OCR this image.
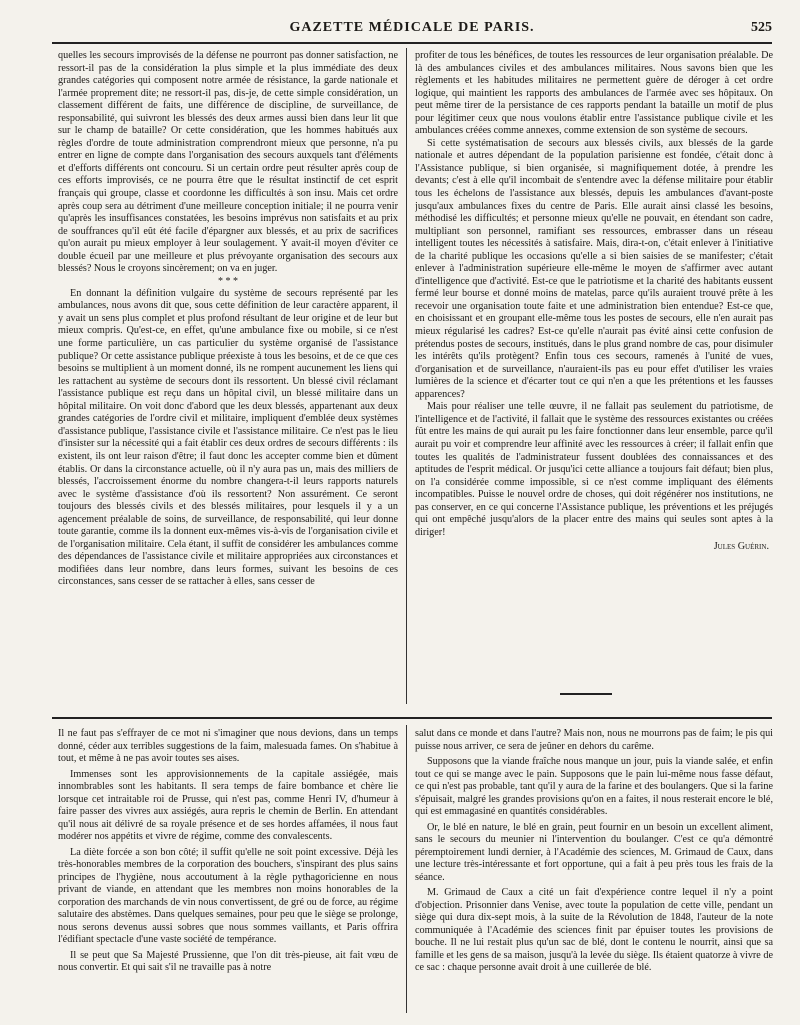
GAZETTE MÉDICALE DE PARIS.	525

quelles les secours improvisés de la défense ne pourront pas donner satisfaction, ne ressort-il pas de la considération la plus simple et la plus immédiate des deux grandes catégories qui composent notre armée de résistance, la garde nationale et l'armée proprement dite; ne ressort-il pas, dis-je, de cette simple considération, un classement différent de faits, une différence de discipline, de surveillance, de responsabilité, qui suivront les blessés des deux armes aussi bien dans leur lit que sur le champ de bataille? Or cette considération, que les hommes habitués aux règles d'ordre de toute administration comprendront mieux que personne, n'a pu entrer en ligne de compte dans l'organisation des secours auxquels tant d'éléments et d'efforts différents ont concouru. Si un certain ordre peut résulter après coup de ces efforts improvisés, ce ne pourra être que le résultat instinctif de cet esprit français qui groupe, classe et coordonne les difficultés à son insu. Mais cet ordre après coup sera au détriment d'une meilleure conception initiale; il ne pourra venir qu'après les insuffisances constatées, les besoins imprévus non satisfaits et au prix de souffrances qu'il eût été facile d'épargner aux blessés, et au prix de sacrifices qu'on aurait pu mieux employer à leur soulagement. Y avait-il moyen d'éviter ce double écueil par une meilleure et plus prévoyante organisation des secours aux blessés? Nous le croyons sincèrement; on va en juger.

* * *

En donnant la définition vulgaire du système de secours représenté par les ambulances, nous avons dit que, sous cette définition de leur caractère apparent, il y avait un sens plus complet et plus profond résultant de leur origine et de leur but mieux compris. Qu'est-ce, en effet, qu'une ambulance fixe ou mobile, si ce n'est une forme particulière, un cas particulier du système organisé de l'assistance publique? Or cette assistance publique préexiste à tous les besoins, et de ce que ces besoins se multiplient à un moment donné, ils ne rompent aucunement les liens qui les rattachent au système de secours dont ils ressortent. Un blessé civil réclamant l'assistance publique est reçu dans un hôpital civil, un blessé militaire dans un hôpital militaire. On voit donc d'abord que les deux blessés, appartenant aux deux grandes catégories de l'ordre civil et militaire, impliquent d'emblée deux systèmes d'assistance publique, l'assistance civile et l'assistance militaire. Ce n'est pas le lieu d'insister sur la nécessité qui a fait établir ces deux ordres de secours différents : ils existent, ils ont leur raison d'être; il faut donc les accepter comme bien et dûment établis. Or dans la circonstance actuelle, où il n'y aura pas un, mais des milliers de blessés, l'accroissement énorme du nombre changera-t-il leurs rapports naturels avec le système d'assistance d'où ils ressortent? Non assurément. Ce seront toujours des blessés civils et des blessés militaires, pour lesquels il y a un agencement préalable de soins, de surveillance, de responsabilité, qui leur donne toute garantie, comme ils la donnent eux-mêmes vis-à-vis de l'organisation civile et de l'organisation militaire. Cela étant, il suffit de considérer les ambulances comme des dépendances de l'assistance civile et militaire appropriées aux circonstances et modifiées dans leur nombre, dans leurs formes, suivant les besoins de ces circonstances, sans cesser de se rattacher à elles, sans cesser de

profiter de tous les bénéfices, de toutes les ressources de leur organisation préalable. De là des ambulances civiles et des ambulances militaires. Nous savons bien que les règlements et les habitudes militaires ne permettent guère de déroger à cet ordre logique, qui maintient les rapports des ambulances de l'armée avec ses hôpitaux. On peut même tirer de la persistance de ces rapports pendant la bataille un motif de plus pour légitimer ceux que nous voulons établir entre l'assistance publique civile et les ambulances créées comme annexes, comme extension de son système de secours.

Si cette systématisation de secours aux blessés civils, aux blessés de la garde nationale et autres dépendant de la population parisienne est fondée, c'était donc à l'Assistance publique, si bien organisée, si magnifiquement dotée, à prendre les devants; c'est à elle qu'il incombait de s'entendre avec la défense militaire pour établir tous les échelons de l'assistance aux blessés, depuis les ambulances d'avant-poste jusqu'aux ambulances fixes du centre de Paris. Elle aurait ainsi classé les besoins, méthodisé les difficultés; et personne mieux qu'elle ne pouvait, en étendant son cadre, multipliant son personnel, ramifiant ses ressources, embrasser dans un réseau intelligent toutes les nécessités à satisfaire. Mais, dira-t-on, c'était enlever à l'initiative de la charité publique les occasions qu'elle a si bien saisies de se manifester; c'était enlever à l'administration supérieure elle-même le moyen de s'affirmer avec autant d'intelligence que d'activité. Est-ce que le patriotisme et la charité des habitants eussent fermé leur bourse et donné moins de matelas, parce qu'ils auraient trouvé prête à les recevoir une organisation toute faite et une administration bien entendue? Est-ce que, en choisissant et en groupant elle-même tous les postes de secours, elle n'en aurait pas mieux régularisé les cadres? Est-ce qu'elle n'aurait pas évité ainsi cette confusion de prétendus postes de secours, institués, dans le plus grand nombre de cas, pour disimuler les intérêts qu'ils protègent? Enfin tous ces secours, ramenés à l'unité de vues, d'organisation et de surveillance, n'auraient-ils pas eu pour effet d'utiliser les vraies lumières de la science et d'écarter tout ce qui n'en a que les prétentions et les fausses apparences?

Mais pour réaliser une telle œuvre, il ne fallait pas seulement du patriotisme, de l'intelligence et de l'activité, il fallait que le système des ressources existantes ou créées fût entre les mains de qui aurait pu les faire fonctionner dans leur ensemble, parce qu'il aurait pu voir et comprendre leur affinité avec les ressources à créer; il fallait enfin que toutes les qualités de l'administrateur fussent doublées des connaissances et des aptitudes de l'esprit médical. Or jusqu'ici cette alliance a toujours fait défaut; bien plus, on l'a considérée comme impossible, si ce n'est comme impliquant des éléments incompatibles. Puisse le nouvel ordre de choses, qui doit régénérer nos institutions, ne pas conserver, en ce qui concerne l'Assistance publique, les préventions et les préjugés qui ont empêché jusqu'alors de la placer entre des mains qui seules sont aptes à la diriger!

Jules Guérin.

Il ne faut pas s'effrayer de ce mot ni s'imaginer que nous devions, dans un temps donné, céder aux terribles suggestions de la faim, malesuada fames. On s'habitue à tout, et même à ne pas avoir toutes ses aises.

Immenses sont les approvisionnements de la capitale assiégée, mais innombrables sont les habitants. Il sera temps de faire bombance et chère lie lorsque cet intraitable roi de Prusse, qui n'est pas, comme Henri IV, d'humeur à faire passer des vivres aux assiégés, aura repris le chemin de Berlin. En attendant qu'il nous ait délivré de sa royale présence et de ses hordes affamées, il nous faut modérer nos appétits et vivre de régime, comme des convalescents.

La diète forcée a son bon côté; il suffit qu'elle ne soit point excessive. Déjà les très-honorables membres de la corporation des bouchers, s'inspirant des plus sains principes de l'hygiène, nous accoutument à la règle pythagoricienne en nous privant de viande, en attendant que les membres non moins honorables de la corporation des marchands de vin nous convertissent, de gré ou de force, au régime salutaire des abstèmes. Dans quelques semaines, pour peu que le siège se prolonge, nous serons devenus aussi sobres que nous sommes vaillants, et Paris offrira l'édifiant spectacle d'une vaste société de tempérance.

Il se peut que Sa Majesté Prussienne, que l'on dit très-pieuse, ait fait vœu de nous convertir. Et qui sait s'il ne travaille pas à notre

salut dans ce monde et dans l'autre? Mais non, nous ne mourrons pas de faim; le pis qui puisse nous arriver, ce sera de jeûner en dehors du carême.

Supposons que la viande fraîche nous manque un jour, puis la viande salée, et enfin tout ce qui se mange avec le pain. Supposons que le pain lui-même nous fasse défaut, ce qui n'est pas probable, tant qu'il y aura de la farine et des boulangers. Que si la farine s'épuisait, malgré les grandes provisions qu'on en a faites, il nous resterait encore le blé, qui est emmagasiné en quantités considérables.

Or, le blé en nature, le blé en grain, peut fournir en un besoin un excellent aliment, sans le secours du meunier ni l'intervention du boulanger. C'est ce qu'a démontré péremptoirement lundi dernier, à l'Académie des sciences, M. Grimaud de Caux, dans une lecture très-intéressante et fort opportune, qui a fait à peu près tous les frais de la séance.

M. Grimaud de Caux a cité un fait d'expérience contre lequel il n'y a point d'objection. Prisonnier dans Venise, avec toute la population de cette ville, pendant un siège qui dura dix-sept mois, à la suite de la Révolution de 1848, l'auteur de la note communiquée à l'Académie des sciences finit par épuiser toutes les provisions de bouche. Il ne lui restait plus qu'un sac de blé, dont le contenu le nourrit, ainsi que sa famille et les gens de sa maison, jusqu'à la levée du siège. Ils étaient quatorze à vivre de ce sac : chaque personne avait droit à une cuillerée de blé.
